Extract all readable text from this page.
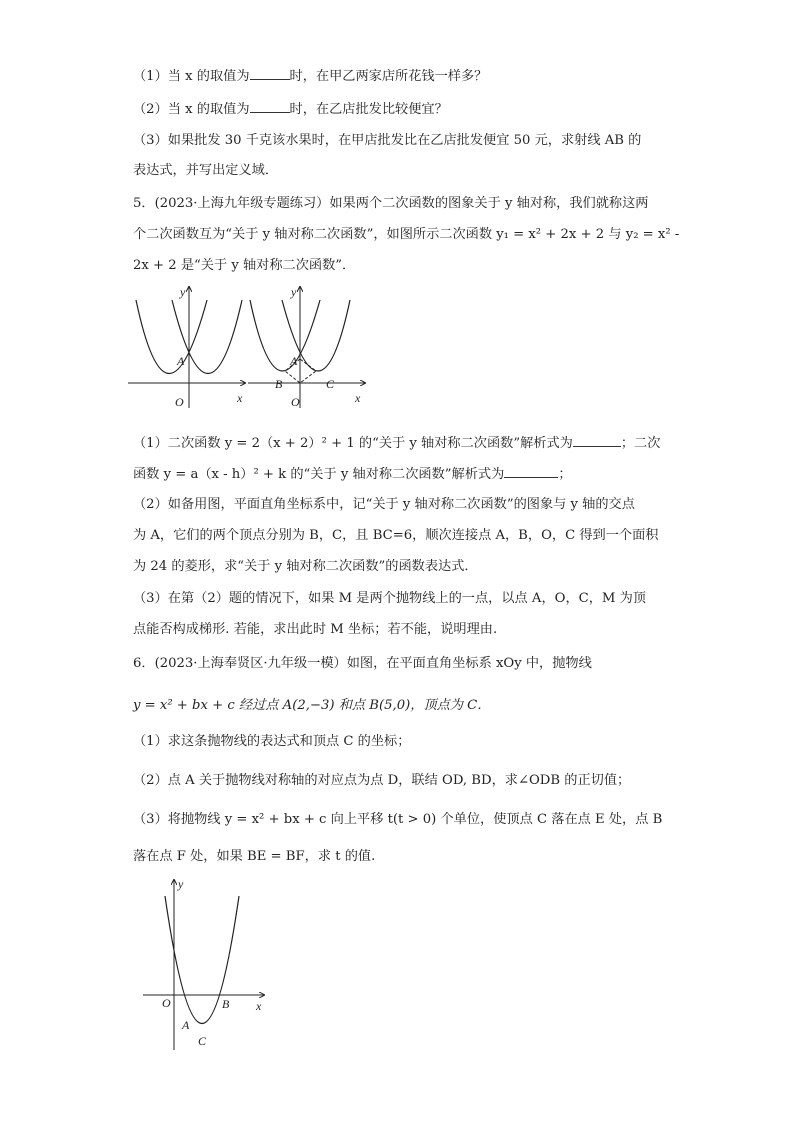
（1）当 x 的取值为	时，在甲乙两家店所花钱一样多？
（2）当 x 的取值为	时，在乙店批发比较便宜？
（3）如果批发 30 千克该水果时，在甲店批发比在乙店批发便宜 50 元，求射线 AB 的
表达式，并写出定义域．
5．(2023·上海九年级专题练习）如果两个二次函数的图象关于 y 轴对称，我们就称这两
个二次函数互为“关于 y 轴对称二次函数”，如图所示二次函数 y₁ = x² + 2x + 2 与 y₂ = x² -
2x + 2 是“关于 y 轴对称二次函数”．
y
x
O
A
y
x
O
A
B	C
（1）二次函数 y = 2（x + 2）² + 1 的“关于 y 轴对称二次函数”解析式为	；二次
函数 y = a（x - h）² + k 的“关于 y 轴对称二次函数”解析式为	；
（2）如备用图，平面直角坐标系中，记“关于 y 轴对称二次函数”的图象与 y 轴的交点
为 A，它们的两个顶点分别为 B，C，且 BC=6，顺次连接点 A，B，O，C 得到一个面积
为 24 的菱形，求“关于 y 轴对称二次函数”的函数表达式．
（3）在第（2）题的情况下，如果 M 是两个抛物线上的一点，以点 A，O，C，M 为顶
点能否构成梯形. 若能，求出此时 M 坐标；若不能，说明理由.
6．(2023·上海奉贤区·九年级一模）如图，在平面直角坐标系 xOy 中，抛物线
y = x² + bx + c 经过点 A(2,−3) 和点 B(5,0)，顶点为 C．
（1）求这条抛物线的表达式和顶点 C 的坐标；
（2）点 A 关于抛物线对称轴的对应点为点 D，联结 OD, BD，求∠ODB 的正切值；
（3）将抛物线 y = x² + bx + c 向上平移 t(t > 0) 个单位，使顶点 C 落在点 E 处，点 B
落在点 F 处，如果 BE = BF，求 t 的值.
y
x
O	B
A
C
